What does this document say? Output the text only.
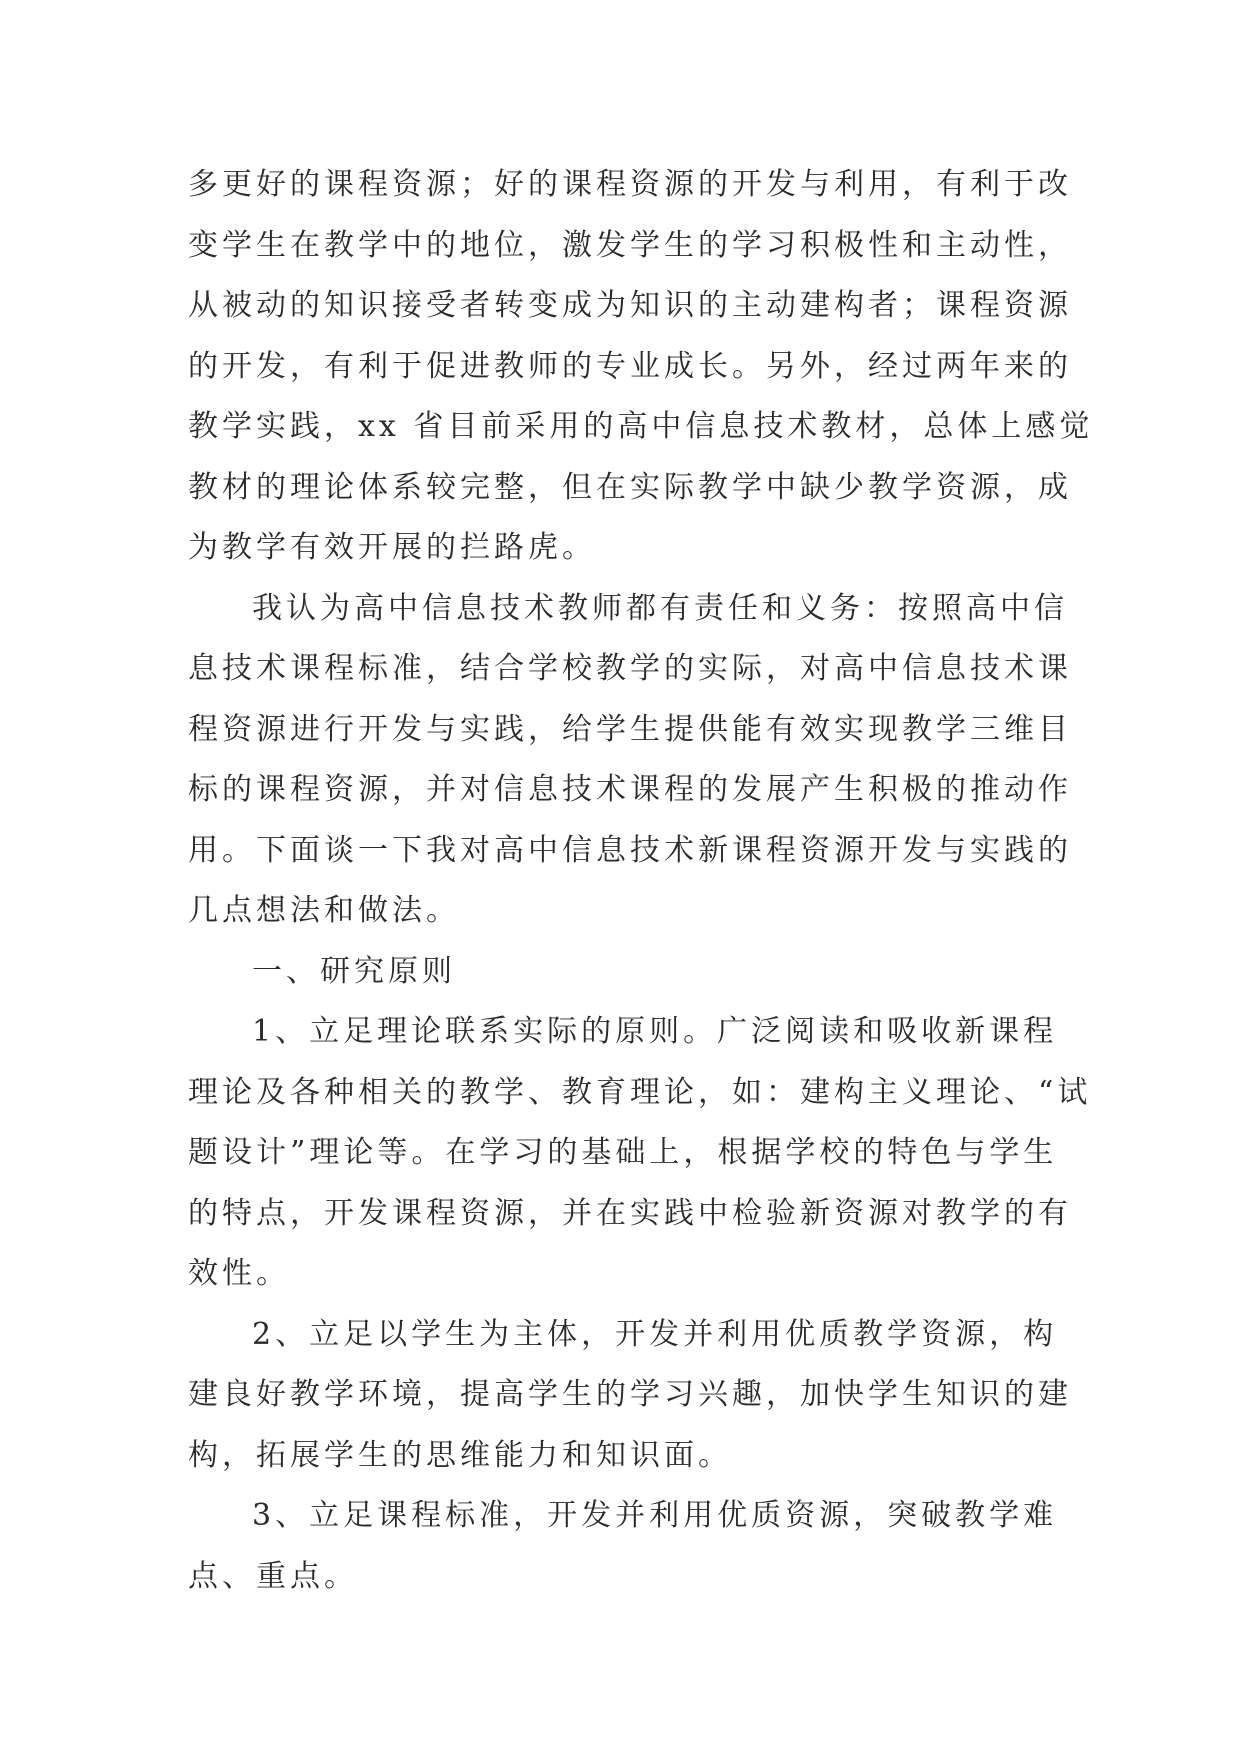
多更好的课程资源；好的课程资源的开发与利用，有利于改
变学生在教学中的地位，激发学生的学习积极性和主动性，
从被动的知识接受者转变成为知识的主动建构者；课程资源
的开发，有利于促进教师的专业成长。另外，经过两年来的
教学实践，xx 省目前采用的高中信息技术教材，总体上感觉
教材的理论体系较完整，但在实际教学中缺少教学资源，成
为教学有效开展的拦路虎。
我认为高中信息技术教师都有责任和义务：按照高中信
息技术课程标准，结合学校教学的实际，对高中信息技术课
程资源进行开发与实践，给学生提供能有效实现教学三维目
标的课程资源，并对信息技术课程的发展产生积极的推动作
用。下面谈一下我对高中信息技术新课程资源开发与实践的
几点想法和做法。
一、研究原则
1、立足理论联系实际的原则。广泛阅读和吸收新课程
理论及各种相关的教学、教育理论，如：建构主义理论、“试
题设计”理论等。在学习的基础上，根据学校的特色与学生
的特点，开发课程资源，并在实践中检验新资源对教学的有
效性。
2、立足以学生为主体，开发并利用优质教学资源，构
建良好教学环境，提高学生的学习兴趣，加快学生知识的建
构，拓展学生的思维能力和知识面。
3、立足课程标准，开发并利用优质资源，突破教学难
点、重点。
